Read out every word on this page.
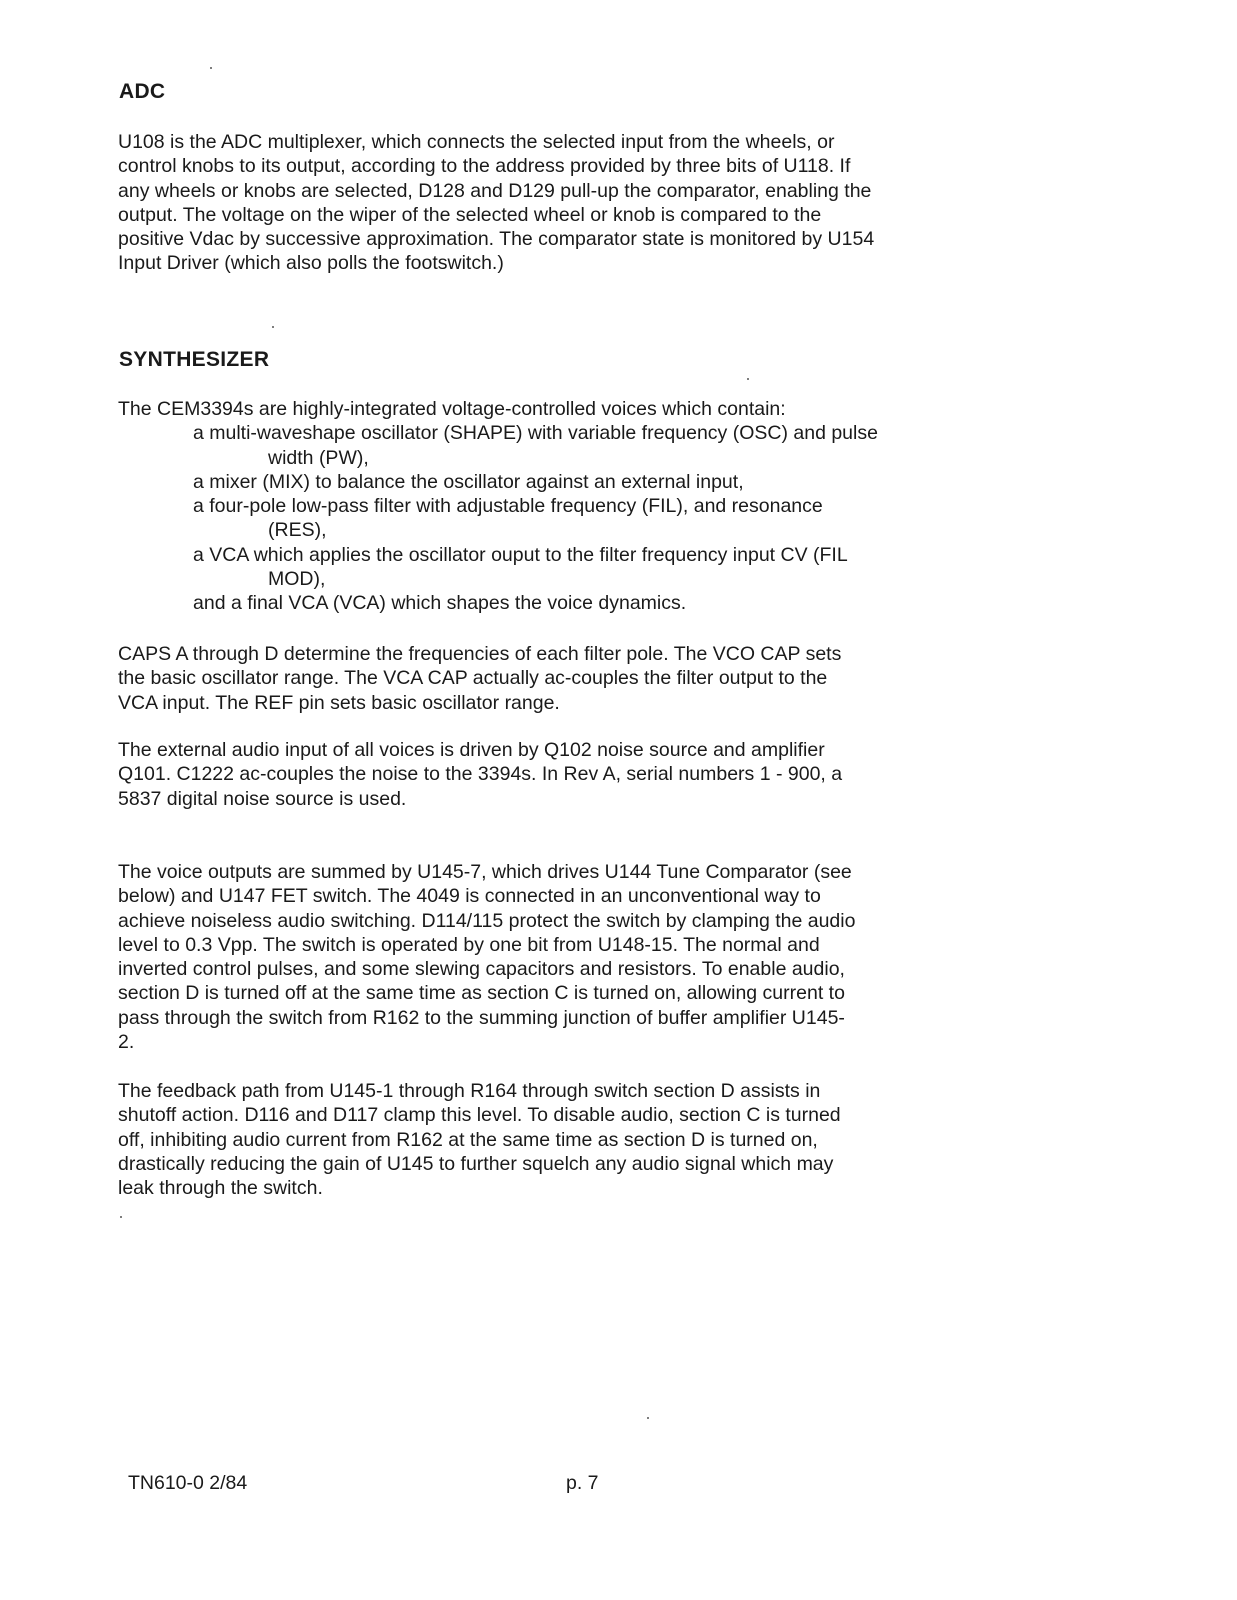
ADC
U108 is the ADC multiplexer, which connects the selected input from the wheels, or
control knobs to its output, according to the address provided by three bits of U118. If
any wheels or knobs are selected, D128 and D129 pull-up the comparator, enabling the
output. The voltage on the wiper of the selected wheel or knob is compared to the
positive Vdac by successive approximation. The comparator state is monitored by U154
Input Driver (which also polls the footswitch.)
SYNTHESIZER
The CEM3394s are highly-integrated voltage-controlled voices which contain:
a multi-waveshape oscillator (SHAPE) with variable frequency (OSC) and pulse
width (PW),
a mixer (MIX) to balance the oscillator against an external input,
a four-pole low-pass filter with adjustable frequency (FIL), and resonance
(RES),
a VCA which applies the oscillator ouput to the filter frequency input CV (FIL
MOD),
and a final VCA (VCA) which shapes the voice dynamics.
CAPS A through D determine the frequencies of each filter pole. The VCO CAP sets
the basic oscillator range. The VCA CAP actually ac-couples the filter output to the
VCA input. The REF pin sets basic oscillator range.
The external audio input of all voices is driven by Q102 noise source and amplifier
Q101. C1222 ac-couples the noise to the 3394s. In Rev A, serial numbers 1 - 900, a
5837 digital noise source is used.
The voice outputs are summed by U145-7, which drives U144 Tune Comparator (see
below) and U147 FET switch. The 4049 is connected in an unconventional way to
achieve noiseless audio switching. D114/115 protect the switch by clamping the audio
level to 0.3 Vpp. The switch is operated by one bit from U148-15. The normal and
inverted control pulses, and some slewing capacitors and resistors. To enable audio,
section D is turned off at the same time as section C is turned on, allowing current to
pass through the switch from R162 to the summing junction of buffer amplifier U145-
2.
The feedback path from U145-1 through R164 through switch section D assists in
shutoff action. D116 and D117 clamp this level. To disable audio, section C is turned
off, inhibiting audio current from R162 at the same time as section D is turned on,
drastically reducing the gain of U145 to further squelch any audio signal which may
leak through the switch.
TN610-0 2/84	p. 7
